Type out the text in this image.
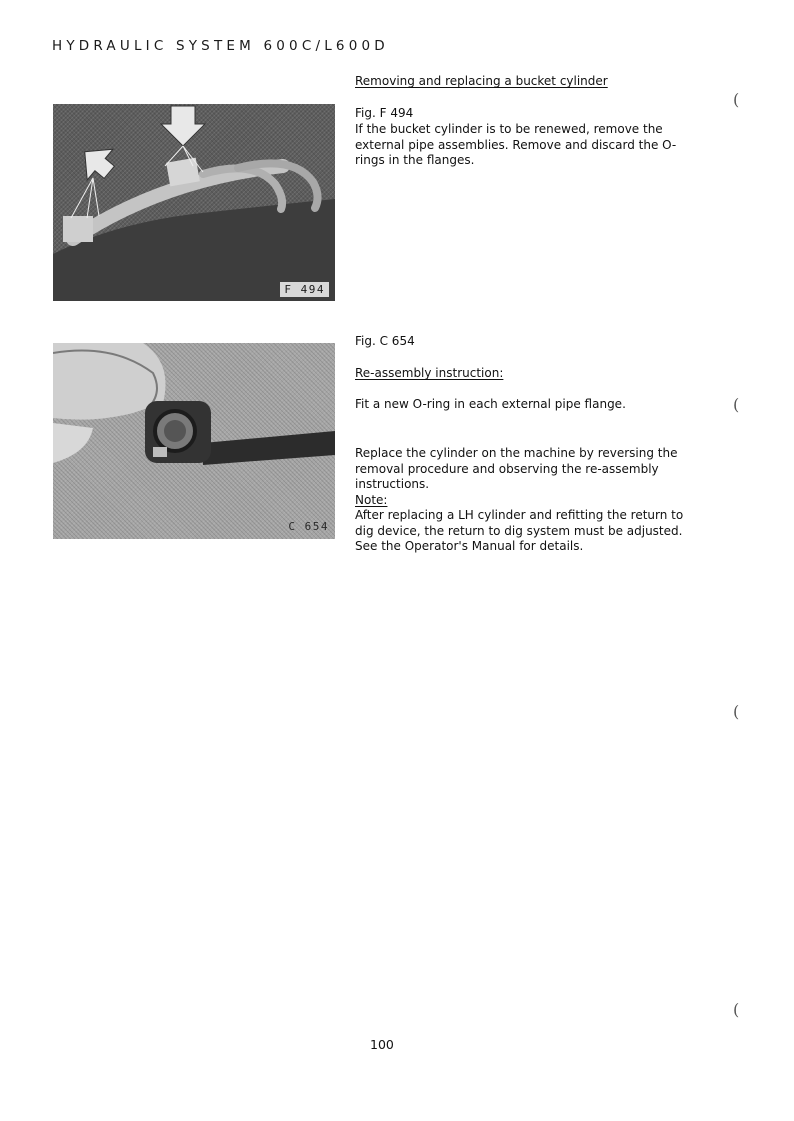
HYDRAULIC SYSTEM 600C/L600D
F 494
C 654
Removing and replacing a bucket cylinder
Fig. F 494
If the bucket cylinder is to be renewed, remove the external pipe assemblies. Remove and discard the O-rings in the flanges.
Fig. C 654
Re-assembly instruction:
Fit a new O-ring in each external pipe flange.
Replace the cylinder on the machine by reversing the removal procedure and observing the re-assembly instructions.
Note:
After replacing a LH cylinder and refitting the return to dig device, the return to dig system must be adjusted. See the Operator's Manual for details.
100
(
(
(
(
